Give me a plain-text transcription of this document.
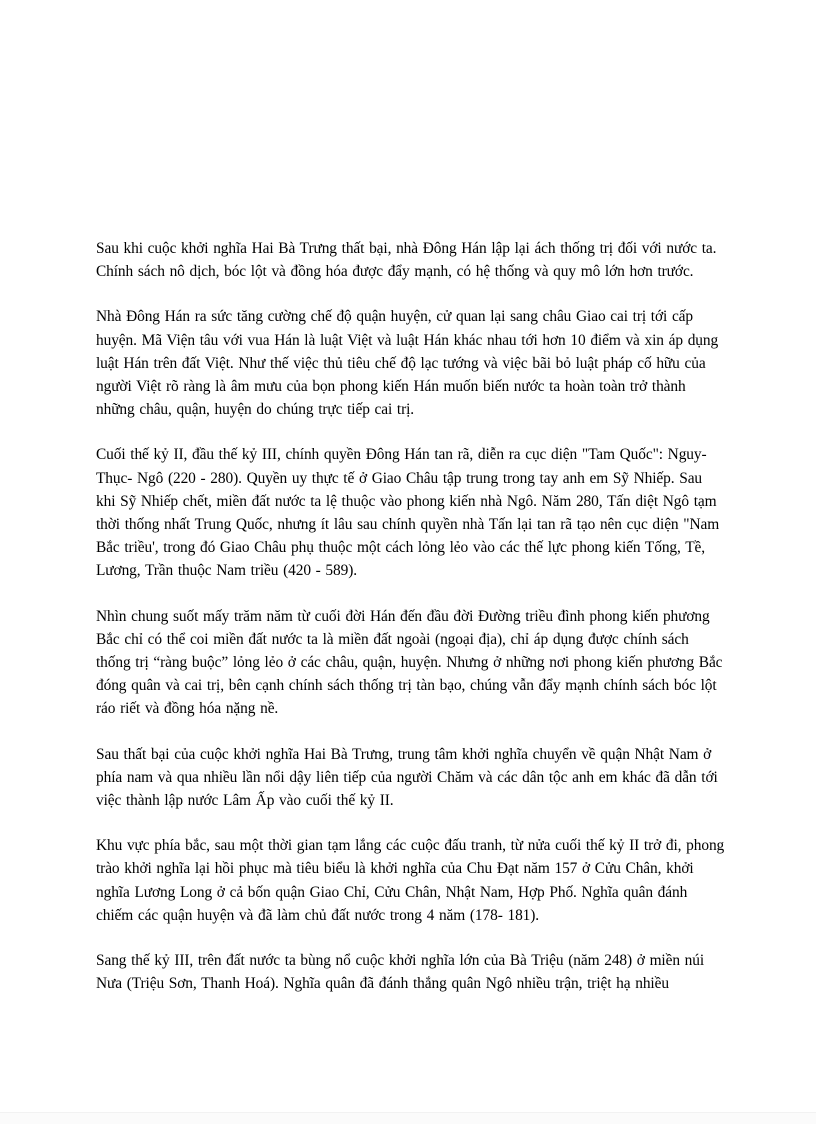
Sau khi cuộc khởi nghĩa Hai Bà Trưng thất bại, nhà Đông Hán lập lại ách thống trị đối với nước ta. Chính sách nô dịch, bóc lột và đồng hóa được đẩy mạnh, có hệ thống và quy mô lớn hơn trước.

Nhà Đông Hán ra sức tăng cường chế độ quận huyện, cử quan lại sang châu Giao cai trị tới cấp huyện. Mã Viện tâu với vua Hán là luật Việt và luật Hán khác nhau tới hơn 10 điểm và xin áp dụng luật Hán trên đất Việt. Như thế việc thủ tiêu chế độ lạc tướng và việc bãi bỏ luật pháp cố hữu của người Việt rõ ràng là âm mưu của bọn phong kiến Hán muốn biến nước ta hoàn toàn trở thành những châu, quận, huyện do chúng trực tiếp cai trị.

Cuối thế kỷ II, đầu thế kỷ III, chính quyền Đông Hán tan rã, diễn ra cục diện "Tam Quốc": Nguy- Thục- Ngô (220 - 280). Quyền uy thực tế ở Giao Châu tập trung trong tay anh em Sỹ Nhiếp. Sau khi Sỹ Nhiếp chết, miền đất nước ta lệ thuộc vào phong kiến nhà Ngô. Năm 280, Tấn diệt Ngô tạm thời thống nhất Trung Quốc, nhưng ít lâu sau chính quyền nhà Tấn lại tan rã tạo nên cục diện "Nam Bắc triều', trong đó Giao Châu phụ thuộc một cách lỏng lẻo vào các thế lực phong kiến Tống, Tề, Lương, Trần thuộc Nam triều (420 - 589).

Nhìn chung suốt mấy trăm năm từ cuối đời Hán đến đầu đời Đường triều đình phong kiến phương Bắc chỉ có thể coi miền đất nước ta là miền đất ngoài (ngoại địa), chỉ áp dụng được chính sách thống trị “ràng buộc” lỏng lẻo ở các châu, quận, huyện. Nhưng ở những nơi phong kiến phương Bắc đóng quân và cai trị, bên cạnh chính sách thống trị tàn bạo, chúng vẫn đẩy mạnh chính sách bóc lột ráo riết và đồng hóa nặng nề.

Sau thất bại của cuộc khởi nghĩa Hai Bà Trưng, trung tâm khởi nghĩa chuyển về quận Nhật Nam ở phía nam và qua nhiều lần nổi dậy liên tiếp của người Chăm và các dân tộc anh em khác đã dẫn tới việc thành lập nước Lâm Ấp vào cuối thế kỷ II.

Khu vực phía bắc, sau một thời gian tạm lắng các cuộc đấu tranh, từ nửa cuối thế kỷ II trở đi, phong trào khởi nghĩa lại hồi phục mà tiêu biểu là khởi nghĩa của Chu Đạt năm 157 ở Cửu Chân, khởi nghĩa Lương Long ở cả bốn quận Giao Chỉ, Cửu Chân, Nhật Nam, Hợp Phố. Nghĩa quân đánh chiếm các quận huyện và đã làm chủ đất nước trong 4 năm (178- 181).

Sang thế kỷ III, trên đất nước ta bùng nổ cuộc khởi nghĩa lớn của Bà Triệu (năm 248) ở miền núi Nưa (Triệu Sơn, Thanh Hoá). Nghĩa quân đã đánh thắng quân Ngô nhiều trận, triệt hạ nhiều
